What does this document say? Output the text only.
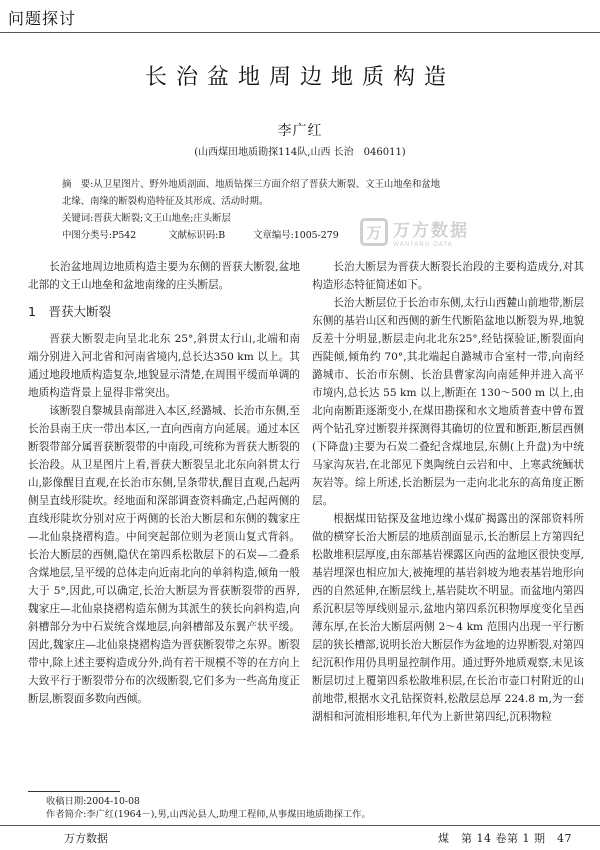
问题探讨
长治盆地周边地质构造
李广红
(山西煤田地质勘探114队,山西 长治　046011)

摘　要:从卫星图片、野外地质剖面、地质钻探三方面介绍了晋获大断裂、文王山地垒和盆地

北缘、南缘的断裂构造特征及其形成、活动时期。

关键词:晋获大断裂;文王山地垒;庄头断层

中图分类号:P542	文献标识码:B	文章编号:1005-279	万 万方数据
WANFANG DATA

长治盆地周边地质构造主要为东侧的晋获大断裂,盆地北部的文王山地垒和盆地南缘的庄头断层。

1　晋获大断裂

晋获大断裂走向呈北北东 25°,斜贯太行山,北端和南端分别进入河北省和河南省境内,总长达350 km 以上。其通过地段地质构造复杂,地貌显示清楚,在周围平缓而单调的地质构造背景上显得非常突出。

该断裂自黎城县南部进入本区,经潞城、长治市东侧,至长治县南王庆一带出本区,一直向西南方向延展。通过本区断裂带部分属晋获断裂带的中南段,可统称为晋获大断裂的长治段。从卫星图片上看,晋获大断裂呈北北东向斜贯太行山,影像醒目直观,在长治市东侧,呈条带状,醒目直观,凸起两侧呈直线形陡坎。经地面和深部调查资料确定,凸起两侧的直线形陡坎分别对应于两侧的长治大断层和东侧的魏家庄—北仙泉挠褶构造。中间突起部位则为老顶山复式背斜。长治大断层的西侧,隐伏在第四系松散层下的石炭—二叠系含煤地层,呈平缓的总体走向近南北向的单斜构造,倾角一般大于 5°,因此,可以确定,长治大断层为晋获断裂带的西界,魏家庄—北仙泉挠褶构造东侧为其派生的狭长向斜构造,向斜槽部分为中石炭统含煤地层,向斜槽部及东翼产状平缓。因此,魏家庄—北仙泉挠褶构造为晋获断裂带之东界。断裂带中,除上述主要构造成分外,尚有若干规模不等的在方向上大致平行于断裂带分布的次级断裂,它们多为一些高角度正断层,断裂面多数向西倾。

长治大断层为晋获大断裂长治段的主要构造成分,对其构造形态特征简述如下。

长治大断层位于长治市东侧,太行山西麓山前地带,断层东侧的基岩山区和西侧的新生代断陷盆地以断裂为界,地貌反差十分明显,断层走向北北东25°,经钻探验证,断裂面向西陡倾,倾角约 70°,其北端起自潞城市合室村一带,向南经潞城市、长治市东侧、长治县曹家沟向南延伸并进入高平市境内,总长达 55 km 以上,断距在 130～500 m 以上,由北向南断距逐渐变小,在煤田勘探和水文地质普查中曾布置两个钻孔穿过断裂并探测得其确切的位置和断距,断层西侧(下降盘)主要为石炭二叠纪含煤地层,东侧(上升盘)为中统马家沟灰岩,在北部见下奥陶统白云岩和中、上寒武统鲕状灰岩等。综上所述,长治断层为一走向北北东的高角度正断层。

根据煤田钻探及盆地边缘小煤矿揭露出的深部资料所做的横穿长治大断层的地质剖面显示,长治断层上方第四纪松散堆积层厚度,由东部基岩裸露区向西的盆地区很快变厚,基岩埋深也相应加大,被掩埋的基岩斜坡为地表基岩地形向西的自然延伸,在断层线上,基岩陡坎不明显。而盆地内第四系沉积层等厚线则显示,盆地内第四系沉积物厚度变化呈西薄东厚,在长治大断层两侧 2～4 km 范围内出现一平行断层的狭长槽部,说明长治大断层作为盆地的边界断裂,对第四纪沉积作用仍具明显控制作用。通过野外地质观察,未见该断层切过上覆第四系松散堆积层,在长治市壶口村附近的山前地带,根据水文孔钻探资料,松散层总厚 224.8 m,为一套湖相和河流相形堆积,年代为上新世第四纪,沉积物粒

收稿日期:2004-10-08
作者简介:李广红(1964－),男,山西沁县人,助理工程师,从事煤田地质勘探工作。
万方数据	煤　第 14 卷第 1 期　47
